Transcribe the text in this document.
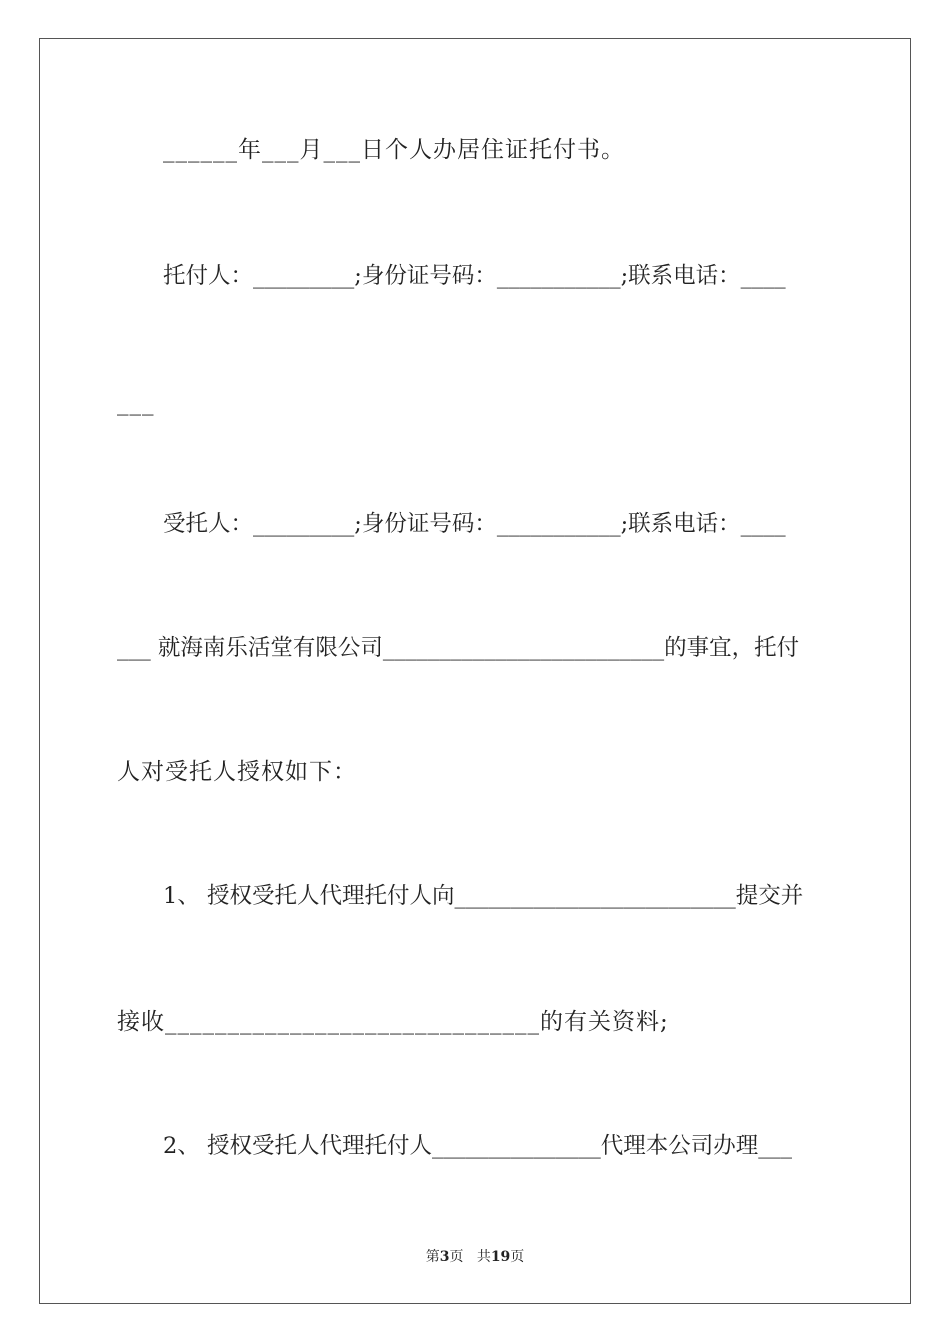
______年___月___日个人办居住证托付书。
托付人：_________;身份证号码：___________;联系电话：____
___
受托人：_________;身份证号码：___________;联系电话：____
___ 就海南乐活堂有限公司_________________________的事宜，托付
人对受托人授权如下：
1、 授权受托人代理托付人向_________________________提交并
接收______________________________的有关资料;
2、 授权受托人代理托付人_______________代理本公司办理___
第3页 共19页
